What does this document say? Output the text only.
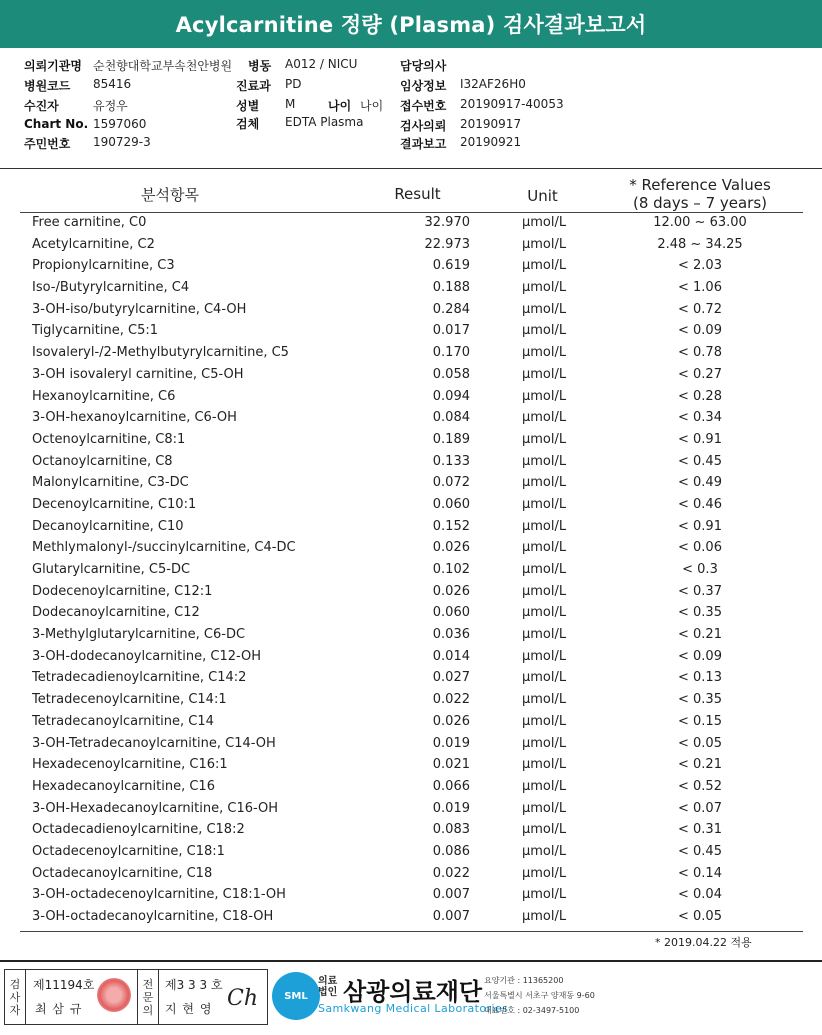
Acylcarnitine 정량 (Plasma) 검사결과보고서
의뢰기관명 순천향대학교부속천안병원 병동 A012 / NICU	담당의사
병원코드 85416	진료과 PD	임상정보 I32AF26H0
수진자	유정우	성별 M	나이 나이 접수번호 20190917-40053
Chart No. 1597060	검체 EDTA Plasma	검사의뢰 20190917
주민번호 190729-3	결과보고 20190921
분석항목	Result	Unit
* Reference Values
(8 days – 7 years)
Free carnitine, C0	32.970	μmol/L	12.00 ~ 63.00
Acetylcarnitine, C2	22.973	μmol/L	2.48 ~ 34.25
Propionylcarnitine, C3	0.619	μmol/L	< 2.03
Iso-/Butyrylcarnitine, C4	0.188	μmol/L	< 1.06
3-OH-iso/butyrylcarnitine, C4-OH	0.284	μmol/L	< 0.72
Tiglycarnitine, C5:1	0.017	μmol/L	< 0.09
Isovaleryl-/2-Methylbutyrylcarnitine, C5	0.170	μmol/L	< 0.78
3-OH isovaleryl carnitine, C5-OH	0.058	μmol/L	< 0.27
Hexanoylcarnitine, C6	0.094	μmol/L	< 0.28
3-OH-hexanoylcarnitine, C6-OH	0.084	μmol/L	< 0.34
Octenoylcarnitine, C8:1	0.189	μmol/L	< 0.91
Octanoylcarnitine, C8	0.133	μmol/L	< 0.45
Malonylcarnitine, C3-DC	0.072	μmol/L	< 0.49
Decenoylcarnitine, C10:1	0.060	μmol/L	< 0.46
Decanoylcarnitine, C10	0.152	μmol/L	< 0.91
Methlymalonyl-/succinylcarnitine, C4-DC	0.026	μmol/L	< 0.06
Glutarylcarnitine, C5-DC	0.102	μmol/L	< 0.3
Dodecenoylcarnitine, C12:1	0.026	μmol/L	< 0.37
Dodecanoylcarnitine, C12	0.060	μmol/L	< 0.35
3-Methylglutarylcarnitine, C6-DC	0.036	μmol/L	< 0.21
3-OH-dodecanoylcarnitine, C12-OH	0.014	μmol/L	< 0.09
Tetradecadienoylcarnitine, C14:2	0.027	μmol/L	< 0.13
Tetradecenoylcarnitine, C14:1	0.022	μmol/L	< 0.35
Tetradecanoylcarnitine, C14	0.026	μmol/L	< 0.15
3-OH-Tetradecanoylcarnitine, C14-OH	0.019	μmol/L	< 0.05
Hexadecenoylcarnitine, C16:1	0.021	μmol/L	< 0.21
Hexadecanoylcarnitine, C16	0.066	μmol/L	< 0.52
3-OH-Hexadecanoylcarnitine, C16-OH	0.019	μmol/L	< 0.07
Octadecadienoylcarnitine, C18:2	0.083	μmol/L	< 0.31
Octadecenoylcarnitine, C18:1	0.086	μmol/L	< 0.45
Octadecanoylcarnitine, C18	0.022	μmol/L	< 0.14
3-OH-octadecenoylcarnitine, C18:1-OH	0.007	μmol/L	< 0.04
3-OH-octadecanoylcarnitine, C18-OH	0.007	μmol/L	< 0.05
* 2019.04.22 적용
검사자
제11194호
최 삼 규
전문의
제3 3 3 호
지 현 영 Ch	SML
의료법인 삼광의료재단
Samkwang Medical Laboratories
요양기관 : 11365200
서울특별시 서초구 양재동 9-60
대표번호 : 02-3497-5100
